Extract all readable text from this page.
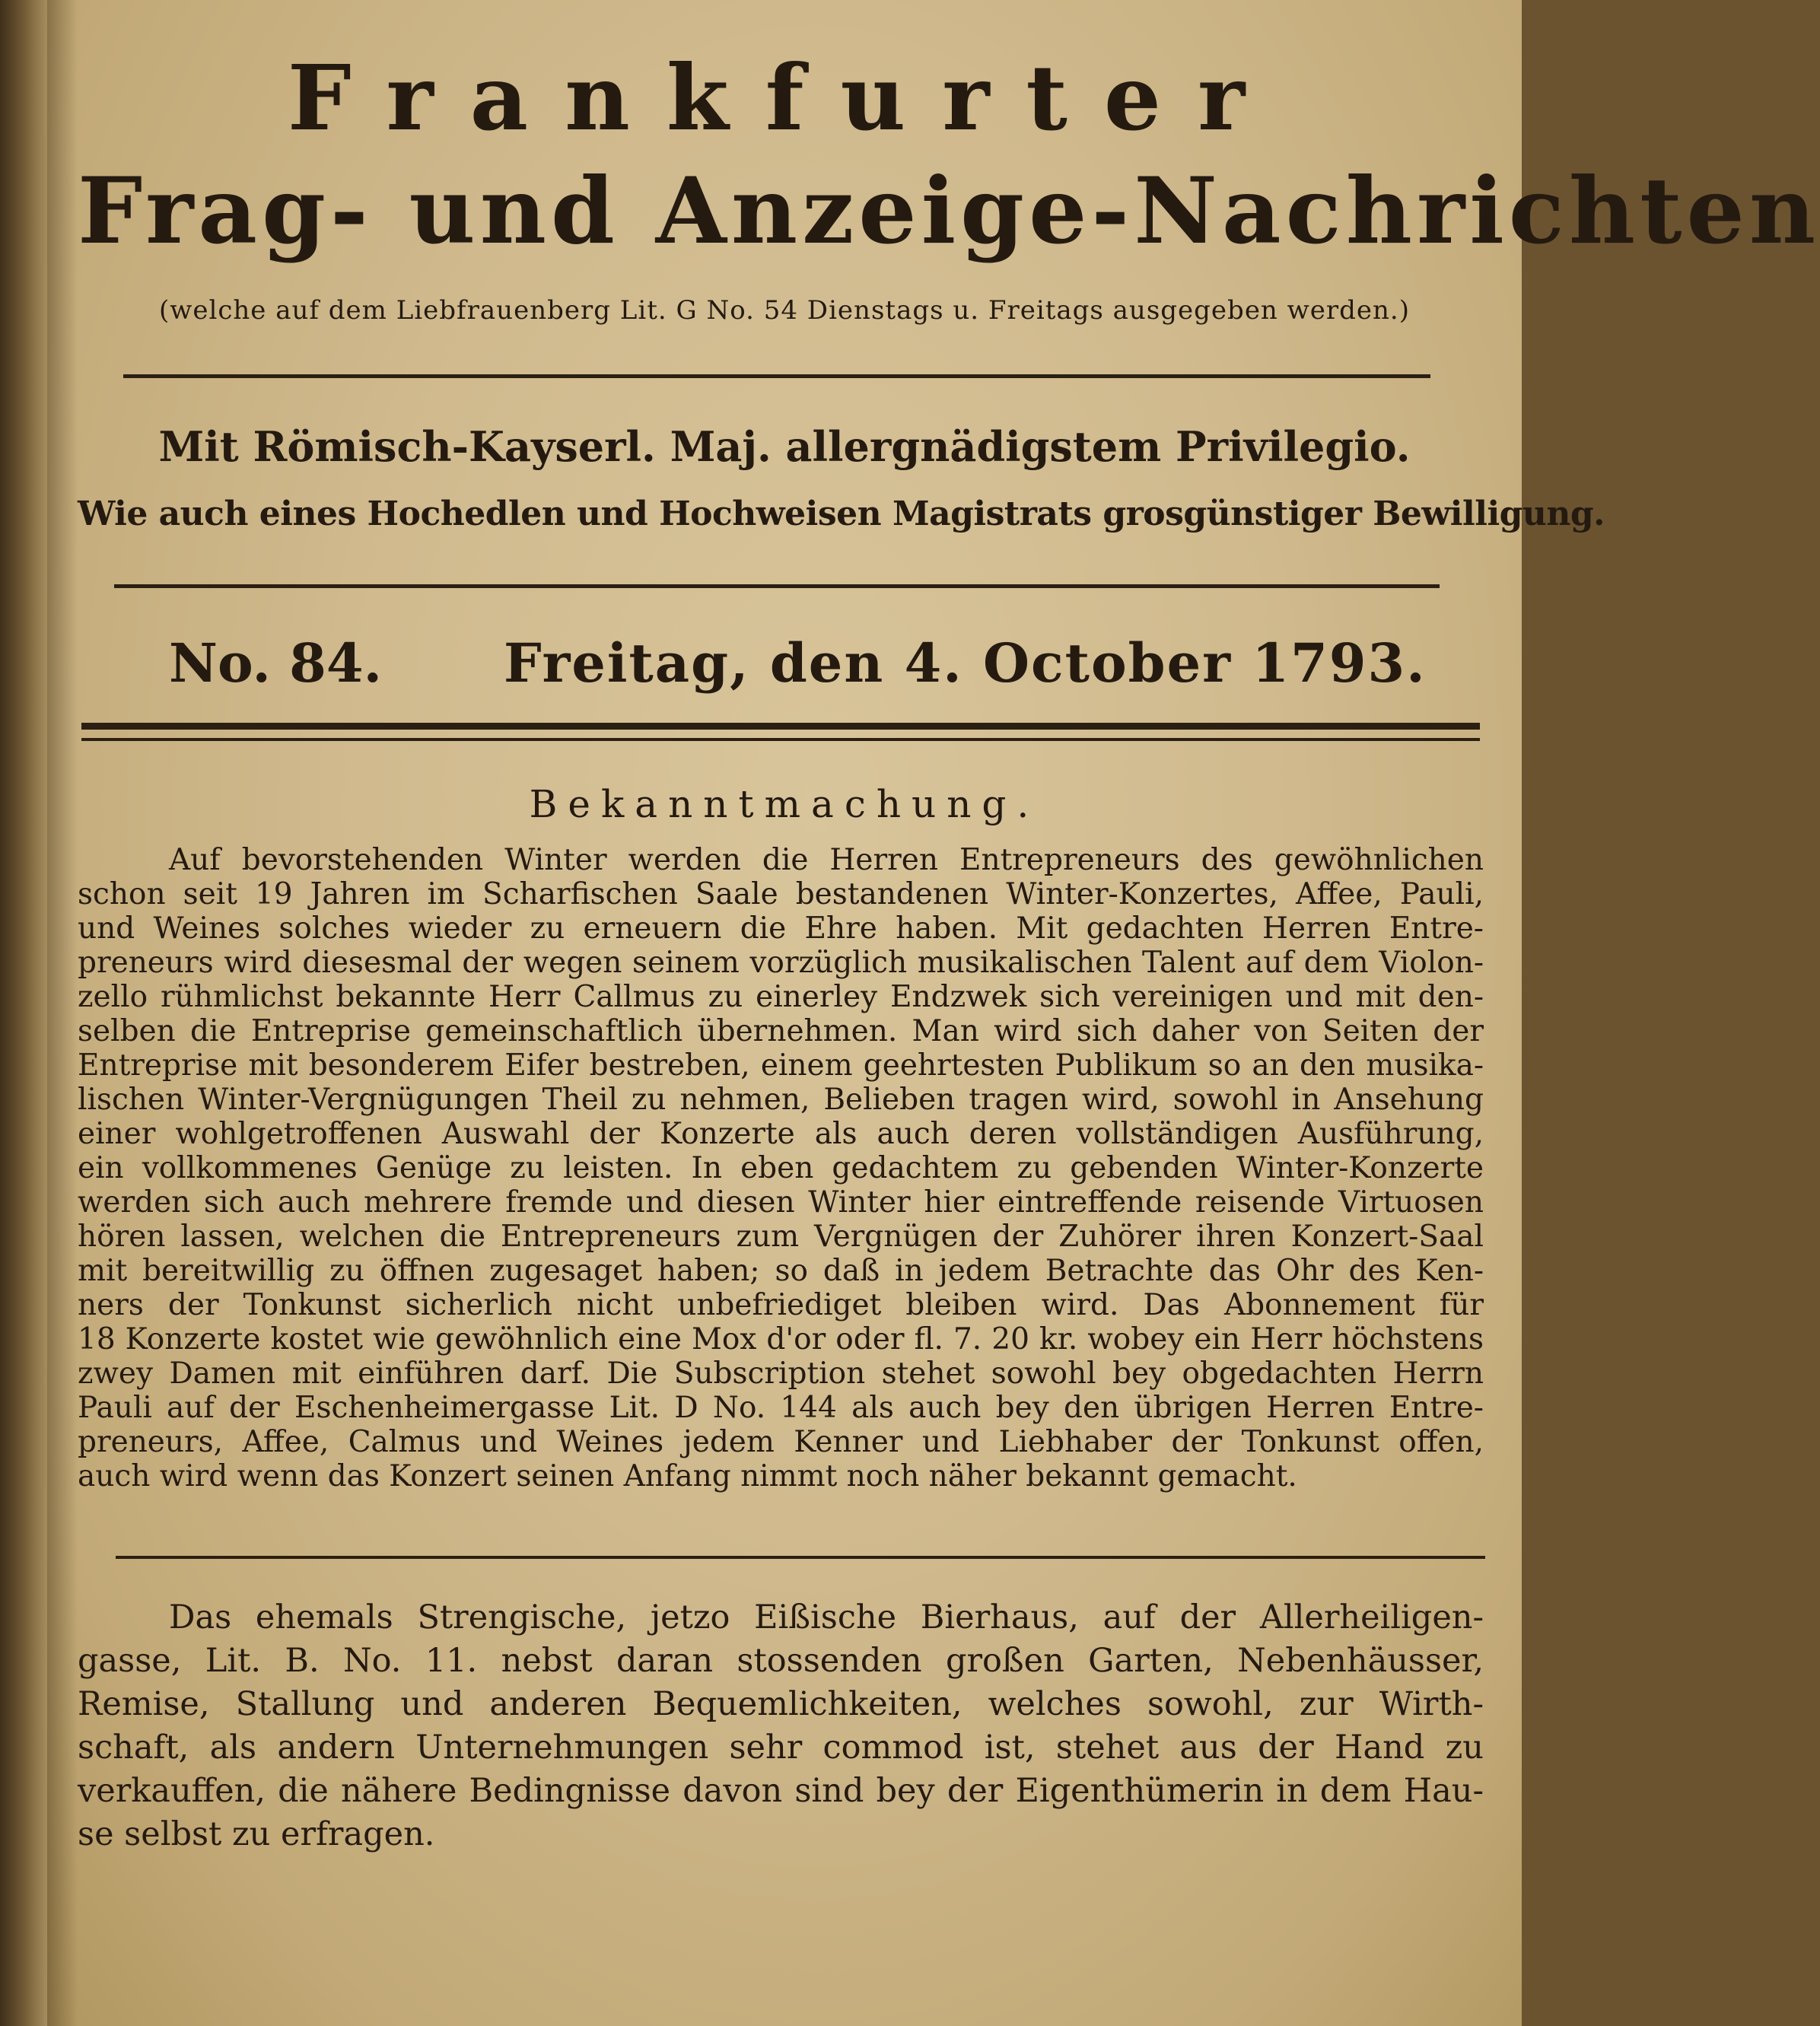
Frankfurter
Frag- und Anzeige-Nachrichten
(welche auf dem Liebfrauenberg Lit. G No. 54 Dienstags u. Freitags ausgegeben werden.)
Mit Römisch-Kayserl. Maj. allergnädigstem Privilegio.
Wie auch eines Hochedlen und Hochweisen Magistrats grosgünstiger Bewilligung.
No. 84. Freitag, den 4. October 1793.
Bekanntmachung.
Auf bevorstehenden Winter werden die Herren Entrepreneurs des gewöhnlichen
schon seit 19 Jahren im Scharfischen Saale bestandenen Winter-Konzertes, Affee, Pauli,
und Weines solches wieder zu erneuern die Ehre haben. Mit gedachten Herren Entre-
preneurs wird diesesmal der wegen seinem vorzüglich musikalischen Talent auf dem Violon-
zello rühmlichst bekannte Herr Callmus zu einerley Endzwek sich vereinigen und mit den-
selben die Entreprise gemeinschaftlich übernehmen. Man wird sich daher von Seiten der
Entreprise mit besonderem Eifer bestreben, einem geehrtesten Publikum so an den musika-
lischen Winter-Vergnügungen Theil zu nehmen, Belieben tragen wird, sowohl in Ansehung
einer wohlgetroffenen Auswahl der Konzerte als auch deren vollständigen Ausführung,
ein vollkommenes Genüge zu leisten. In eben gedachtem zu gebenden Winter-Konzerte
werden sich auch mehrere fremde und diesen Winter hier eintreffende reisende Virtuosen
hören lassen, welchen die Entrepreneurs zum Vergnügen der Zuhörer ihren Konzert-Saal
mit bereitwillig zu öffnen zugesaget haben; so daß in jedem Betrachte das Ohr des Ken-
ners der Tonkunst sicherlich nicht unbefriediget bleiben wird. Das Abonnement für
18 Konzerte kostet wie gewöhnlich eine Mox d'or oder fl. 7. 20 kr. wobey ein Herr höchstens
zwey Damen mit einführen darf. Die Subscription stehet sowohl bey obgedachten Herrn
Pauli auf der Eschenheimergasse Lit. D No. 144 als auch bey den übrigen Herren Entre-
preneurs, Affee, Calmus und Weines jedem Kenner und Liebhaber der Tonkunst offen,
auch wird wenn das Konzert seinen Anfang nimmt noch näher bekannt gemacht.
Das ehemals Strengische, jetzo Eißische Bierhaus, auf der Allerheiligen-
gasse, Lit. B. No. 11. nebst daran stossenden großen Garten, Nebenhäusser,
Remise, Stallung und anderen Bequemlichkeiten, welches sowohl, zur Wirth-
schaft, als andern Unternehmungen sehr commod ist, stehet aus der Hand zu
verkauffen, die nähere Bedingnisse davon sind bey der Eigenthümerin in dem Hau-
se selbst zu erfragen.
